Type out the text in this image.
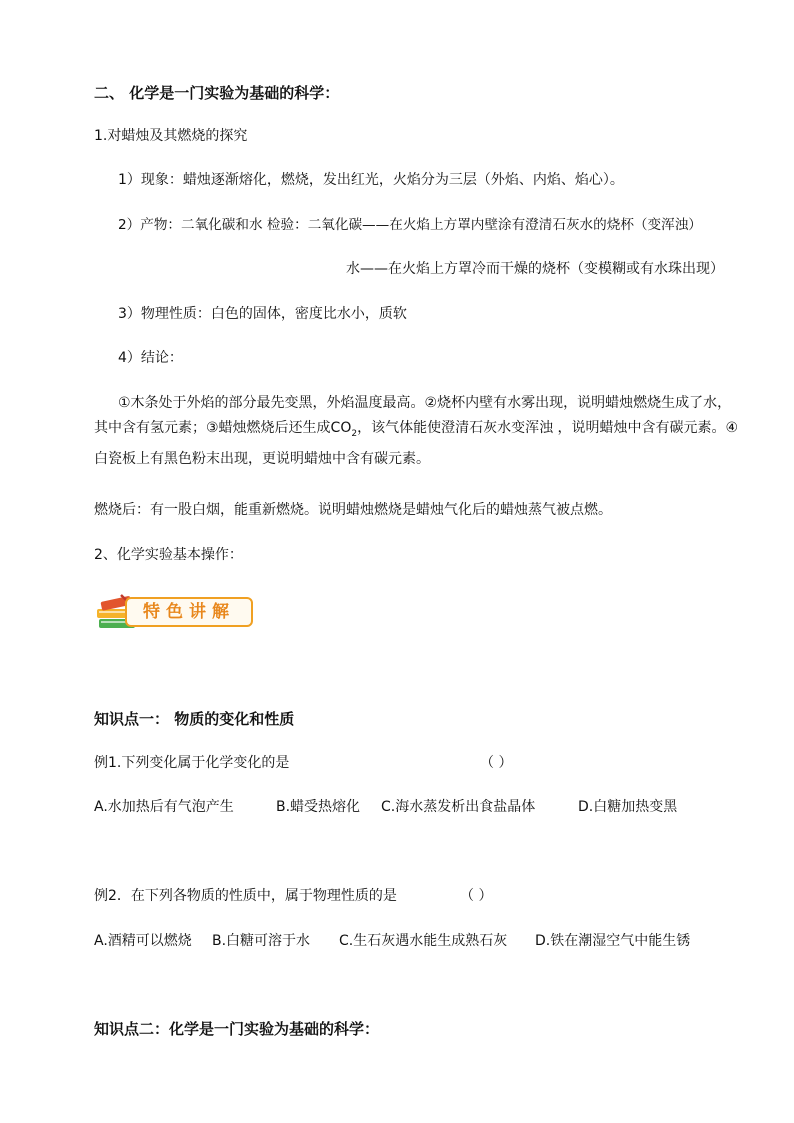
二、 化学是一门实验为基础的科学：
1.对蜡烛及其燃烧的探究
1）现象：蜡烛逐渐熔化，燃烧，发出红光，火焰分为三层（外焰、内焰、焰心）。
2）产物：二氧化碳和水 检验：二氧化碳——在火焰上方罩内壁涂有澄清石灰水的烧杯（变浑浊）
水——在火焰上方罩冷而干燥的烧杯（变模糊或有水珠出现）
3）物理性质：白色的固体，密度比水小，质软
4）结论：
①木条处于外焰的部分最先变黑，外焰温度最高。②烧杯内壁有水雾出现，说明蜡烛燃烧生成了水，其中含有氢元素；③蜡烛燃烧后还生成$CO_2$，该气体能使澄清石灰水变浑浊 ，说明蜡烛中含有碳元素。④白瓷板上有黑色粉末出现，更说明蜡烛中含有碳元素。
燃烧后：有一股白烟，能重新燃烧。说明蜡烛燃烧是蜡烛气化后的蜡烛蒸气被点燃。
2、化学实验基本操作：
特色讲解
知识点一： 物质的变化和性质
例1.下列变化属于化学变化的是	（ ）
A.水加热后有气泡产生	B.蜡受热熔化 C.海水蒸发析出食盐晶体	D.白糖加热变黑
例2．在下列各物质的性质中，属于物理性质的是	（ ）
A.酒精可以燃烧 B.白糖可溶于水 C.生石灰遇水能生成熟石灰 D.铁在潮湿空气中能生锈
知识点二：化学是一门实验为基础的科学：
